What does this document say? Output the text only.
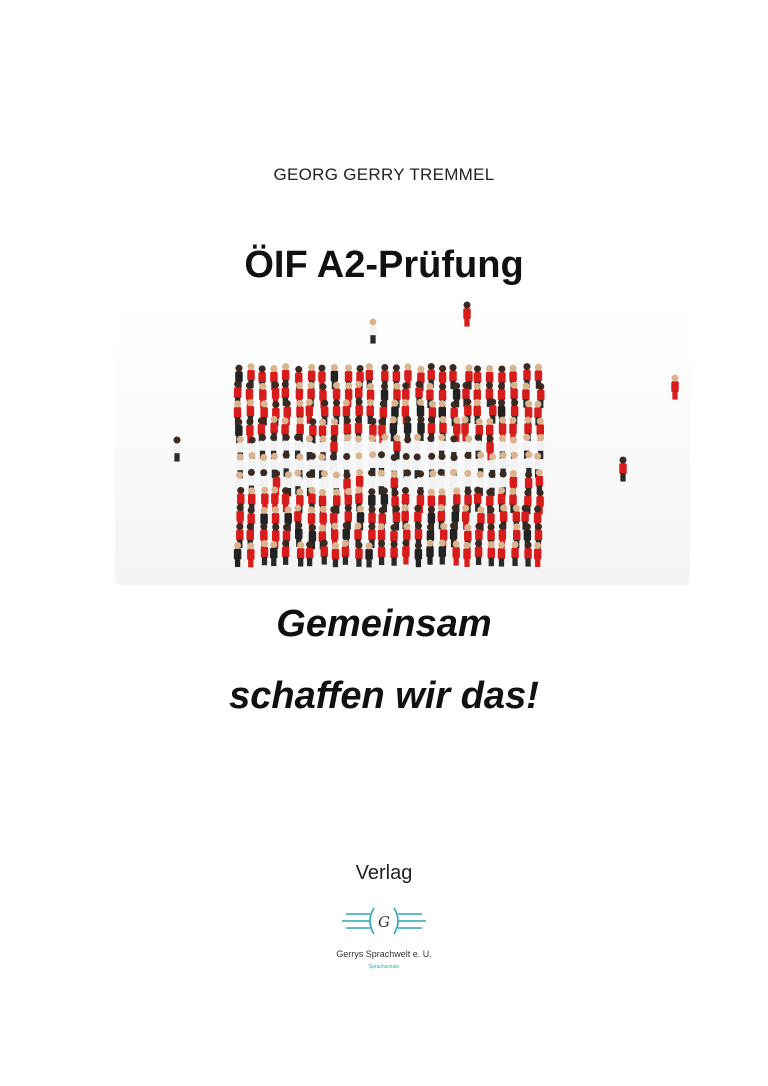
GEORG GERRY TREMMEL
ÖIF A2-Prüfung
Gemeinsam
schaffen wir das!
Verlag
G
Gerrys Sprachwelt e. U.
Sprachschule
